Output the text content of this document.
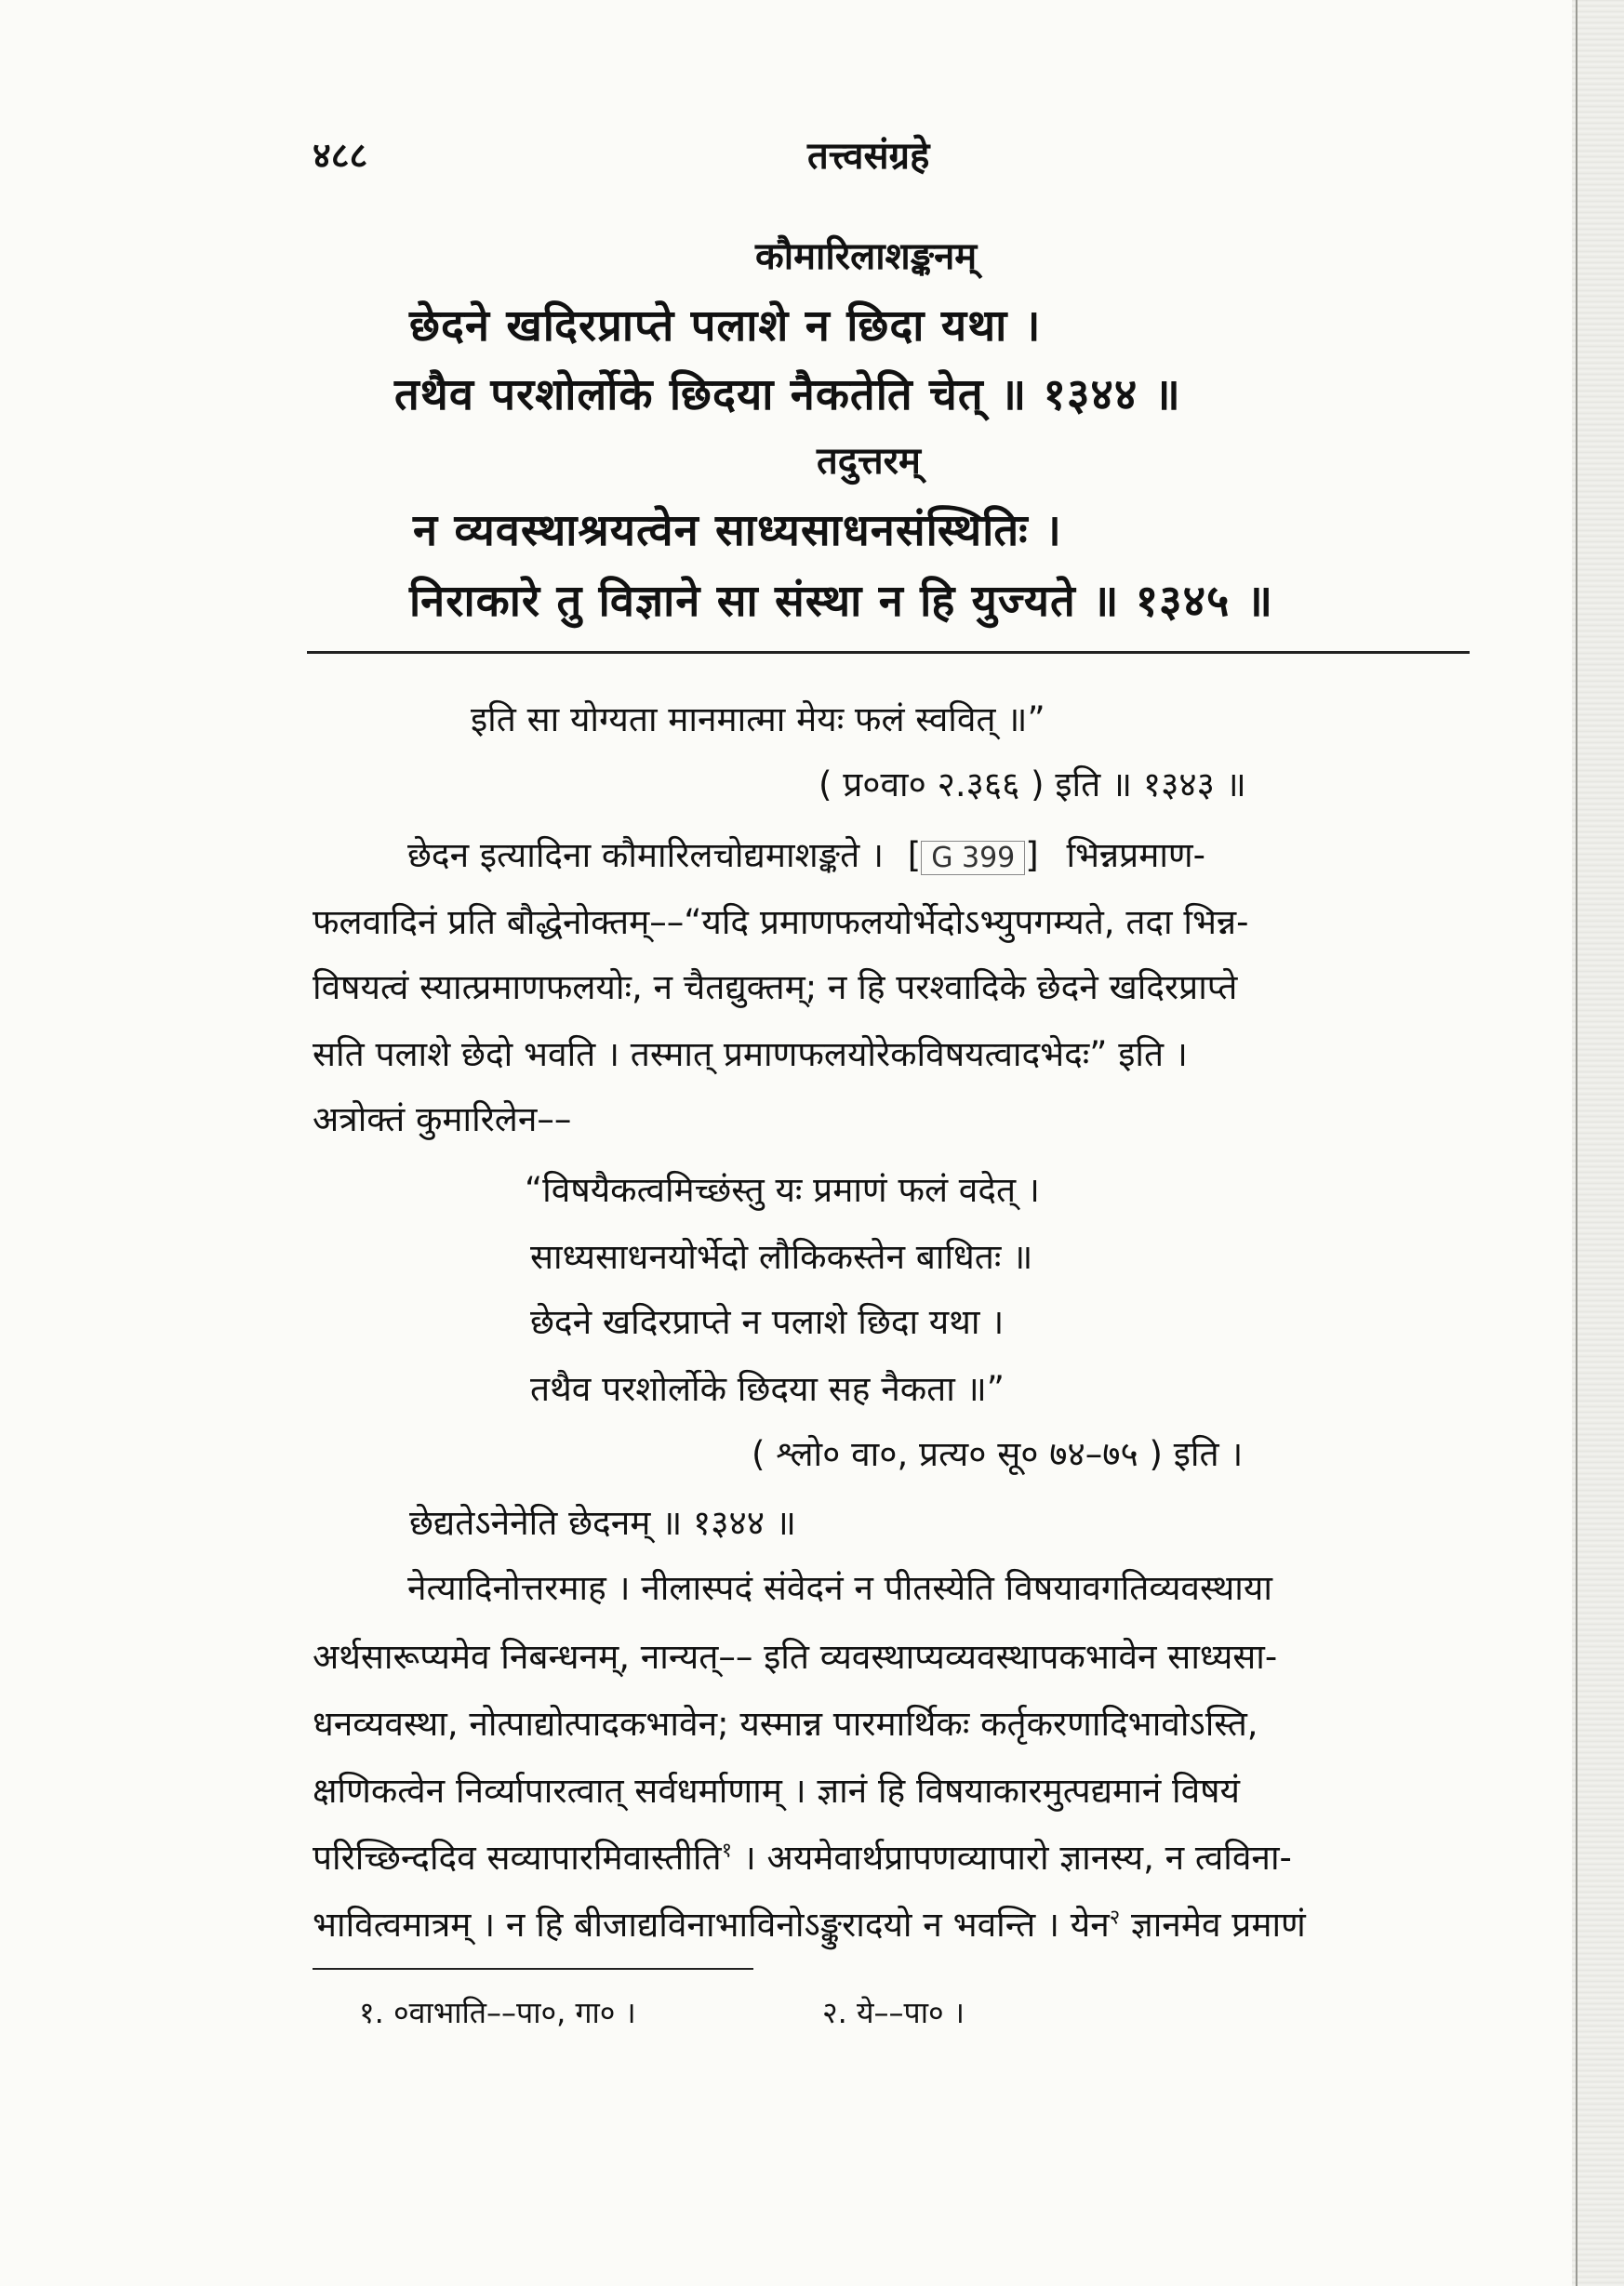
४८८	तत्त्वसंग्रहे
कौमारिलाशङ्कनम्
छेदने खदिरप्राप्ते पलाशे न छिदा यथा ।
तथैव परशोर्लोके छिदया नैकतेति चेत् ॥ १३४४ ॥
तदुत्तरम्
न व्यवस्थाश्रयत्वेन साध्यसाधनसंस्थितिः ।
निराकारे तु विज्ञाने सा संस्था न हि युज्यते ॥ १३४५ ॥
इति सा योग्यता मानमात्मा मेयः फलं स्ववित् ॥”
( प्र०वा० २.३६६ ) इति ॥ १३४३ ॥
छेदन इत्यादिना कौमारिलचोद्यमाशङ्कते । [ G 399 ] भिन्नप्रमाण-
फलवादिनं प्रति बौद्धेनोक्तम्––“यदि प्रमाणफलयोर्भेदोऽभ्युपगम्यते, तदा भिन्न-
विषयत्वं स्यात्प्रमाणफलयोः, न चैतद्युक्तम्; न हि परश्वादिके छेदने खदिरप्राप्ते
सति पलाशे छेदो भवति । तस्मात् प्रमाणफलयोरेकविषयत्वादभेदः” इति ।
अत्रोक्तं कुमारिलेन––
“विषयैकत्वमिच्छंस्तु यः प्रमाणं फलं वदेत् ।
साध्यसाधनयोर्भेदो लौकिकस्तेन बाधितः ॥
छेदने खदिरप्राप्ते न पलाशे छिदा यथा ।
तथैव परशोर्लोके छिदया सह नैकता ॥”
( श्लो० वा०, प्रत्य० सू० ७४–७५ ) इति ।
छेद्यतेऽनेनेति छेदनम् ॥ १३४४ ॥
नेत्यादिनोत्तरमाह । नीलास्पदं संवेदनं न पीतस्येति विषयावगतिव्यवस्थाया
अर्थसारूप्यमेव निबन्धनम्, नान्यत्–– इति व्यवस्थाप्यव्यवस्थापकभावेन साध्यसा-
धनव्यवस्था, नोत्पाद्योत्पादकभावेन; यस्मान्न पारमार्थिकः कर्तृकरणादिभावोऽस्ति,
क्षणिकत्वेन निर्व्यापारत्वात् सर्वधर्माणाम् । ज्ञानं हि विषयाकारमुत्पद्यमानं विषयं
परिच्छिन्ददिव सव्यापारमिवास्तीति$^१$ । अयमेवार्थप्रापणव्यापारो ज्ञानस्य, न त्वविना-
भावित्वमात्रम् । न हि बीजाद्यविनाभाविनोऽङ्कुरादयो न भवन्ति । येन$^२$ ज्ञानमेव प्रमाणं
१. ०वाभाति––पा०, गा० ।	२. ये––पा० ।
